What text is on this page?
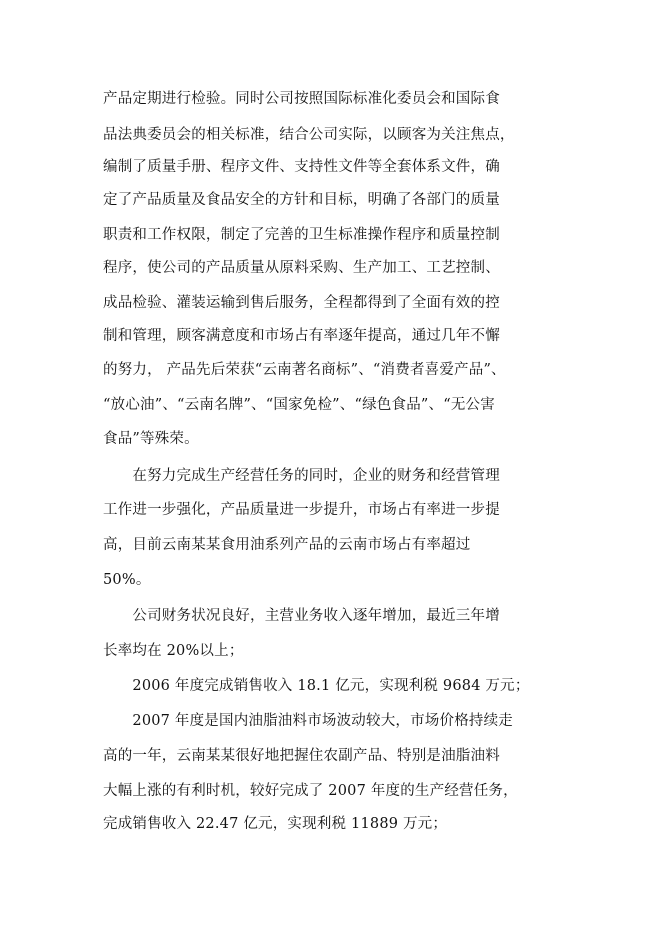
产品定期进行检验。同时公司按照国际标准化委员会和国际食
品法典委员会的相关标准，结合公司实际，以顾客为关注焦点，
编制了质量手册、程序文件、支持性文件等全套体系文件，确
定了产品质量及食品安全的方针和目标，明确了各部门的质量
职责和工作权限，制定了完善的卫生标准操作程序和质量控制
程序，使公司的产品质量从原料采购、生产加工、工艺控制、
成品检验、灌装运输到售后服务，全程都得到了全面有效的控
制和管理，顾客满意度和市场占有率逐年提高，通过几年不懈
的努力， 产品先后荣获“云南著名商标”、“消费者喜爱产品”、
“放心油”、“云南名牌”、“国家免检”、“绿色食品”、“无公害
食品”等殊荣。
　　在努力完成生产经营任务的同时，企业的财务和经营管理
工作进一步强化，产品质量进一步提升，市场占有率进一步提
高，目前云南某某食用油系列产品的云南市场占有率超过
50%。
　　公司财务状况良好，主营业务收入逐年增加，最近三年增
长率均在 20%以上；
　　2006 年度完成销售收入 18.1 亿元，实现利税 9684 万元；
　　2007 年度是国内油脂油料市场波动较大，市场价格持续走
高的一年，云南某某很好地把握住农副产品、特别是油脂油料
大幅上涨的有利时机，较好完成了 2007 年度的生产经营任务，
完成销售收入 22.47 亿元，实现利税 11889 万元；
